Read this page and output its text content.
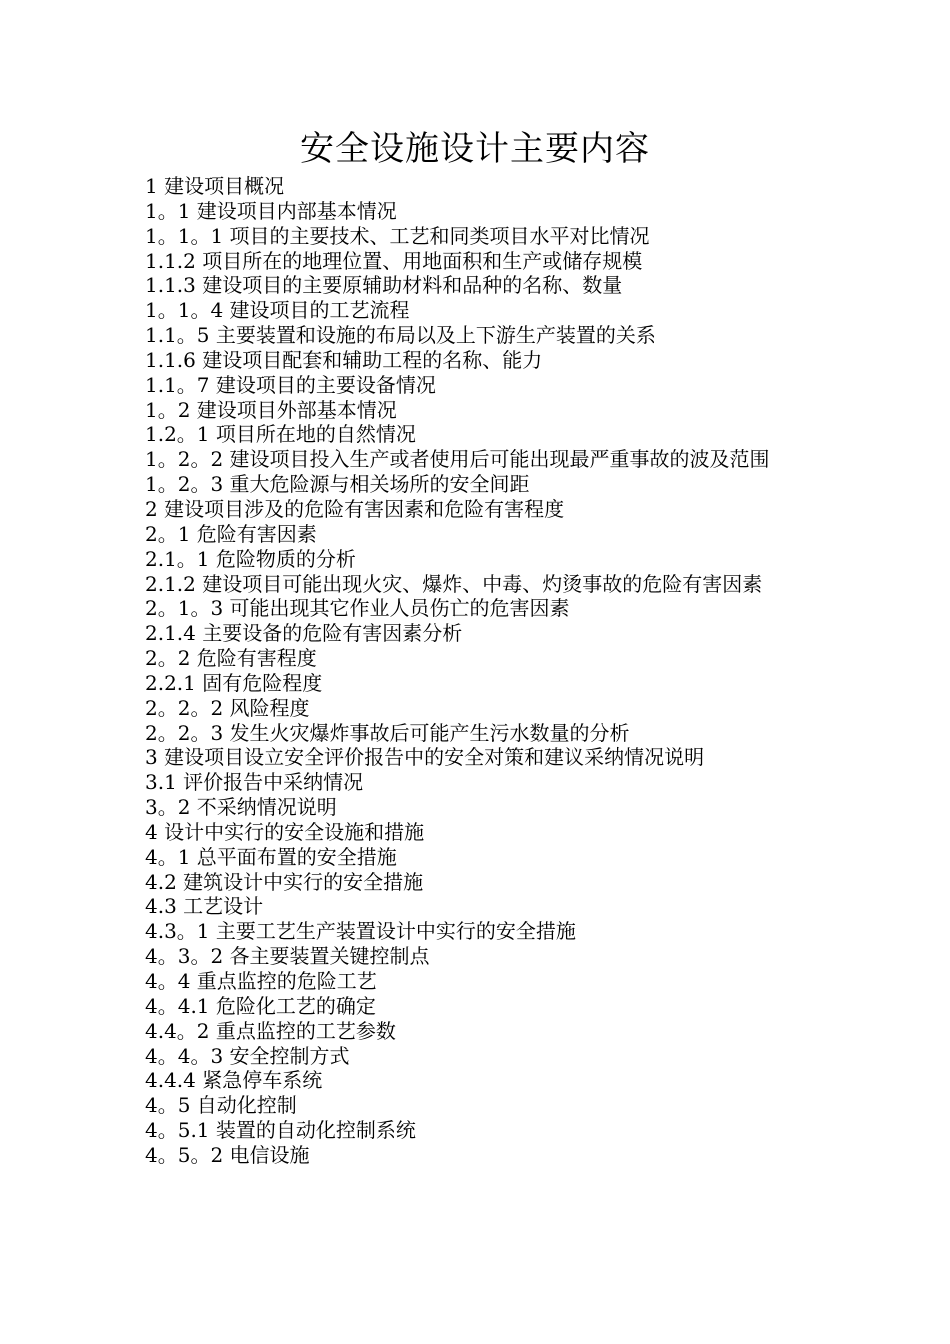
安全设施设计主要内容
1 建设项目概况
1。1 建设项目内部基本情况
1。1。1 项目的主要技术、工艺和同类项目水平对比情况
1.1.2 项目所在的地理位置、用地面积和生产或储存规模
1.1.3 建设项目的主要原辅助材料和品种的名称、数量
1。1。4 建设项目的工艺流程
1.1。5 主要装置和设施的布局以及上下游生产装置的关系
1.1.6 建设项目配套和辅助工程的名称、能力
1.1。7 建设项目的主要设备情况
1。2 建设项目外部基本情况
1.2。1 项目所在地的自然情况
1。2。2 建设项目投入生产或者使用后可能出现最严重事故的波及范围
1。2。3 重大危险源与相关场所的安全间距
2 建设项目涉及的危险有害因素和危险有害程度
2。1 危险有害因素
2.1。1 危险物质的分析
2.1.2 建设项目可能出现火灾、爆炸、中毒、灼烫事故的危险有害因素
2。1。3 可能出现其它作业人员伤亡的危害因素
2.1.4 主要设备的危险有害因素分析
2。2 危险有害程度
2.2.1 固有危险程度
2。2。2 风险程度
2。2。3 发生火灾爆炸事故后可能产生污水数量的分析
3 建设项目设立安全评价报告中的安全对策和建议采纳情况说明
3.1 评价报告中采纳情况
3。2 不采纳情况说明
4 设计中实行的安全设施和措施
4。1 总平面布置的安全措施
4.2 建筑设计中实行的安全措施
4.3 工艺设计
4.3。1 主要工艺生产装置设计中实行的安全措施
4。3。2 各主要装置关键控制点
4。4 重点监控的危险工艺
4。4.1 危险化工艺的确定
4.4。2 重点监控的工艺参数
4。4。3 安全控制方式
4.4.4 紧急停车系统
4。5 自动化控制
4。5.1 装置的自动化控制系统
4。5。2 电信设施
